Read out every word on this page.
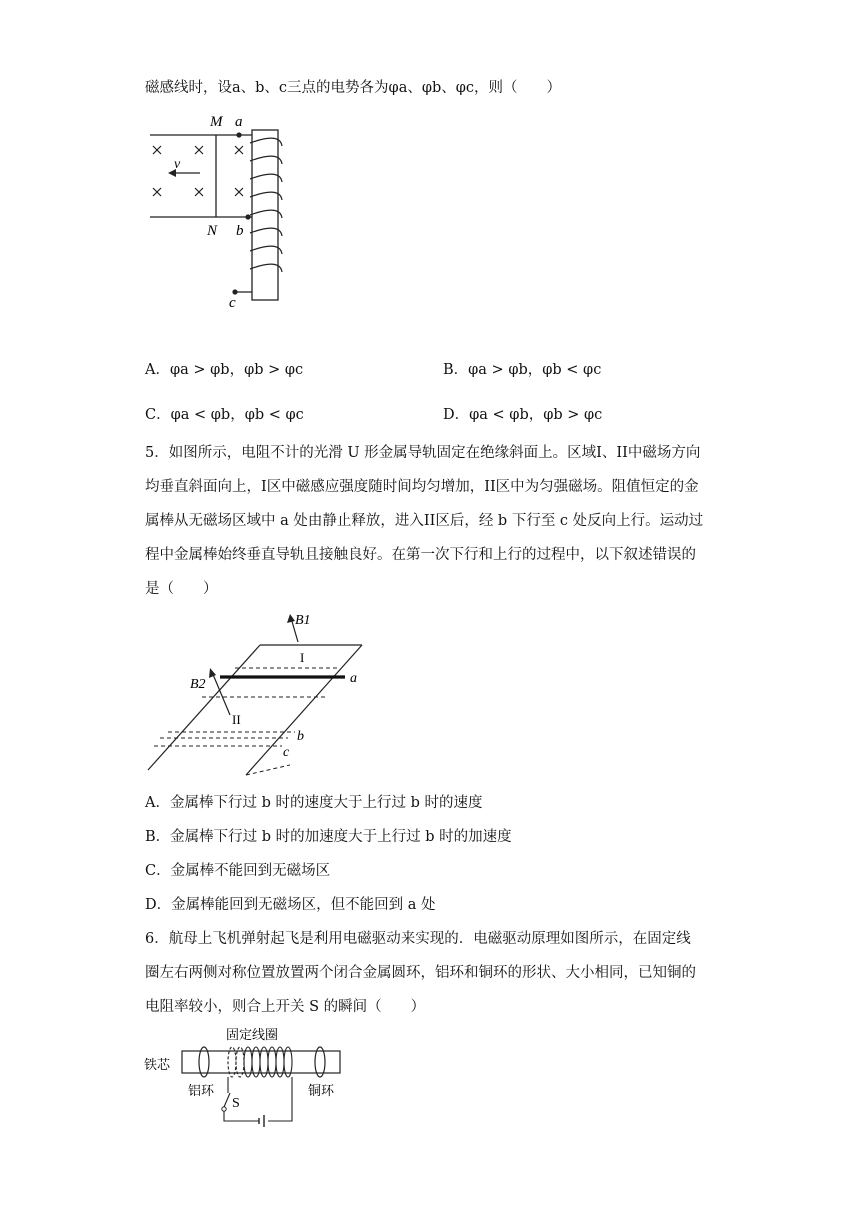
磁感线时，设a、b、c三点的电势各为φa、φb、φc，则（　　）
v
M a
N b
c
A．φa > φb，φb > φc	B．φa > φb，φb < φc
C．φa < φb，φb < φc	D．φa < φb，φb > φc
5．如图所示，电阻不计的光滑 U 形金属导轨固定在绝缘斜面上。区域I、II中磁场方向
均垂直斜面向上，I区中磁感应强度随时间均匀增加，II区中为匀强磁场。阻值恒定的金
属棒从无磁场区域中 a 处由静止释放，进入II区后，经 b 下行至 c 处反向上行。运动过
程中金属棒始终垂直导轨且接触良好。在第一次下行和上行的过程中，以下叙述错误的
是（　　）
B1
I
a
B2
II
b
c
A．金属棒下行过 b 时的速度大于上行过 b 时的速度
B．金属棒下行过 b 时的加速度大于上行过 b 时的加速度
C．金属棒不能回到无磁场区
D．金属棒能回到无磁场区，但不能回到 a 处
6．航母上飞机弹射起飞是利用电磁驱动来实现的．电磁驱动原理如图所示，在固定线
圈左右两侧对称位置放置两个闭合金属圆环，铝环和铜环的形状、大小相同，已知铜的
电阻率较小，则合上开关 S 的瞬间（　　）
固定线圈
铁芯
S
铝环	铜环
